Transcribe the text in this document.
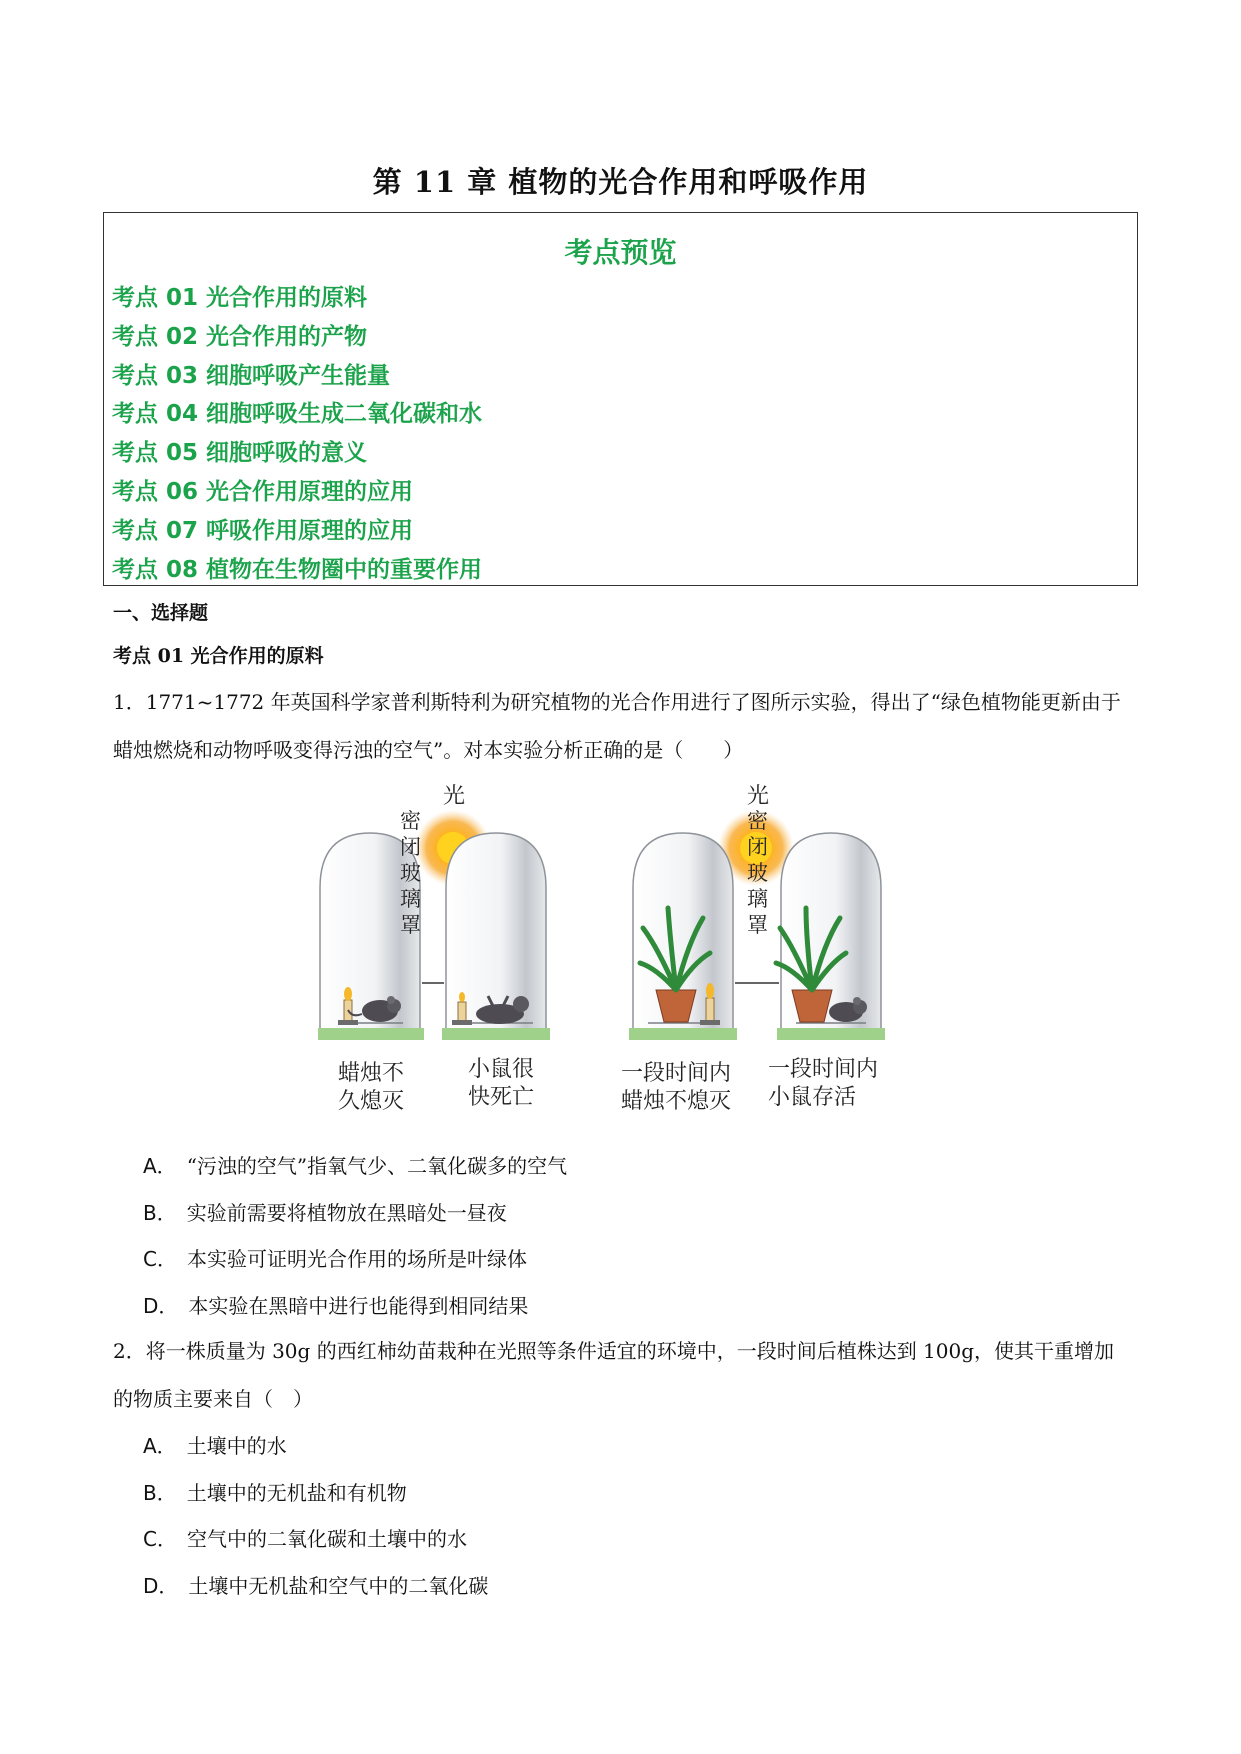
第 11 章 植物的光合作用和呼吸作用
考点预览
考点 01 光合作用的原料
考点 02 光合作用的产物
考点 03 细胞呼吸产生能量
考点 04 细胞呼吸生成二氧化碳和水
考点 05 细胞呼吸的意义
考点 06 光合作用原理的应用
考点 07 呼吸作用原理的应用
考点 08 植物在生物圈中的重要作用
一、选择题
考点 01 光合作用的原料
1．1771~1772 年英国科学家普利斯特利为研究植物的光合作用进行了图所示实验，得出了“绿色植物能更新由于蜡烛燃烧和动物呼吸变得污浊的空气”。对本实验分析正确的是（　　）
光
密
闭
玻
璃
罩
光
密
闭
玻
璃
罩
蜡烛不
久熄灭
小鼠很
快死亡
一段时间内
蜡烛不熄灭
一段时间内
小鼠存活
A． “污浊的空气”指氧气少、二氧化碳多的空气
B． 实验前需要将植物放在黑暗处一昼夜
C． 本实验可证明光合作用的场所是叶绿体
D． 本实验在黑暗中进行也能得到相同结果
2．将一株质量为 30g 的西红柿幼苗栽种在光照等条件适宜的环境中，一段时间后植株达到 100g，使其干重增加的物质主要来自（　）
A． 土壤中的水
B． 土壤中的无机盐和有机物
C． 空气中的二氧化碳和土壤中的水
D． 土壤中无机盐和空气中的二氧化碳
